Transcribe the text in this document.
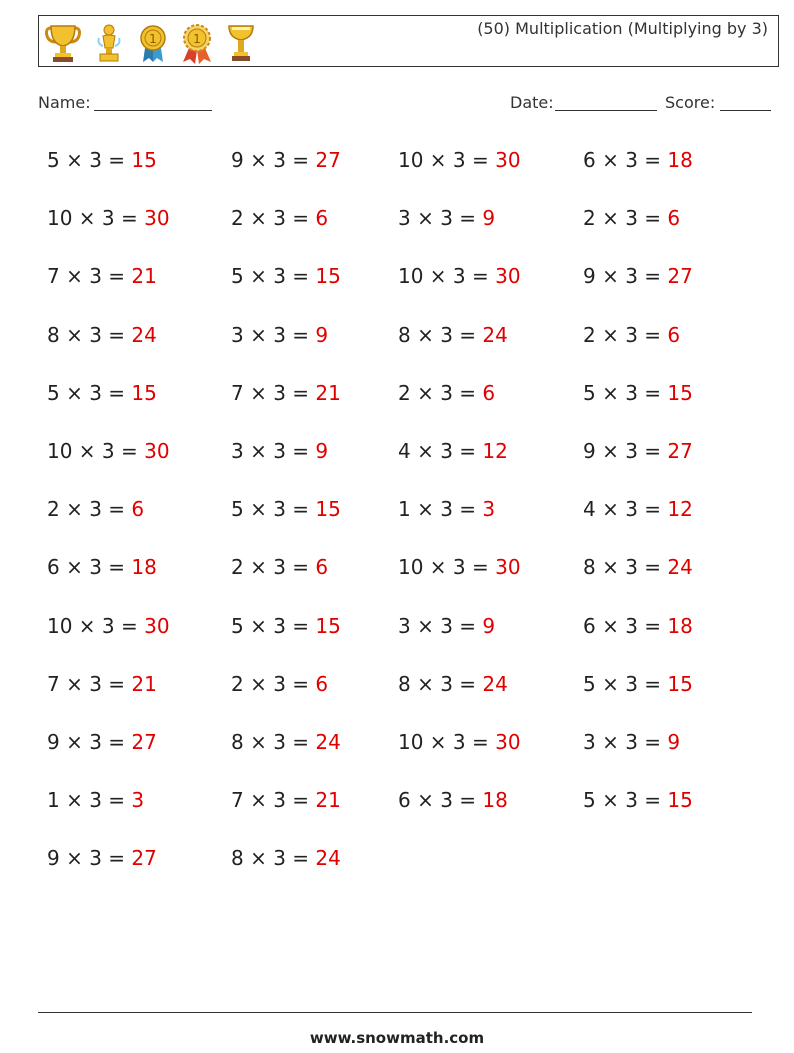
1	1
(50) Multiplication (Multiplying by 3)
Name:	Date:	Score:
5 × 3 = 15	9 × 3 = 27	10 × 3 = 30	6 × 3 = 18
10 × 3 = 30	2 × 3 = 6	3 × 3 = 9	2 × 3 = 6
7 × 3 = 21	5 × 3 = 15	10 × 3 = 30	9 × 3 = 27
8 × 3 = 24	3 × 3 = 9	8 × 3 = 24	2 × 3 = 6
5 × 3 = 15	7 × 3 = 21	2 × 3 = 6	5 × 3 = 15
10 × 3 = 30	3 × 3 = 9	4 × 3 = 12	9 × 3 = 27
2 × 3 = 6	5 × 3 = 15	1 × 3 = 3	4 × 3 = 12
6 × 3 = 18	2 × 3 = 6	10 × 3 = 30	8 × 3 = 24
10 × 3 = 30	5 × 3 = 15	3 × 3 = 9	6 × 3 = 18
7 × 3 = 21	2 × 3 = 6	8 × 3 = 24	5 × 3 = 15
9 × 3 = 27	8 × 3 = 24	10 × 3 = 30	3 × 3 = 9
1 × 3 = 3	7 × 3 = 21	6 × 3 = 18	5 × 3 = 15
9 × 3 = 27	8 × 3 = 24
www.snowmath.com
